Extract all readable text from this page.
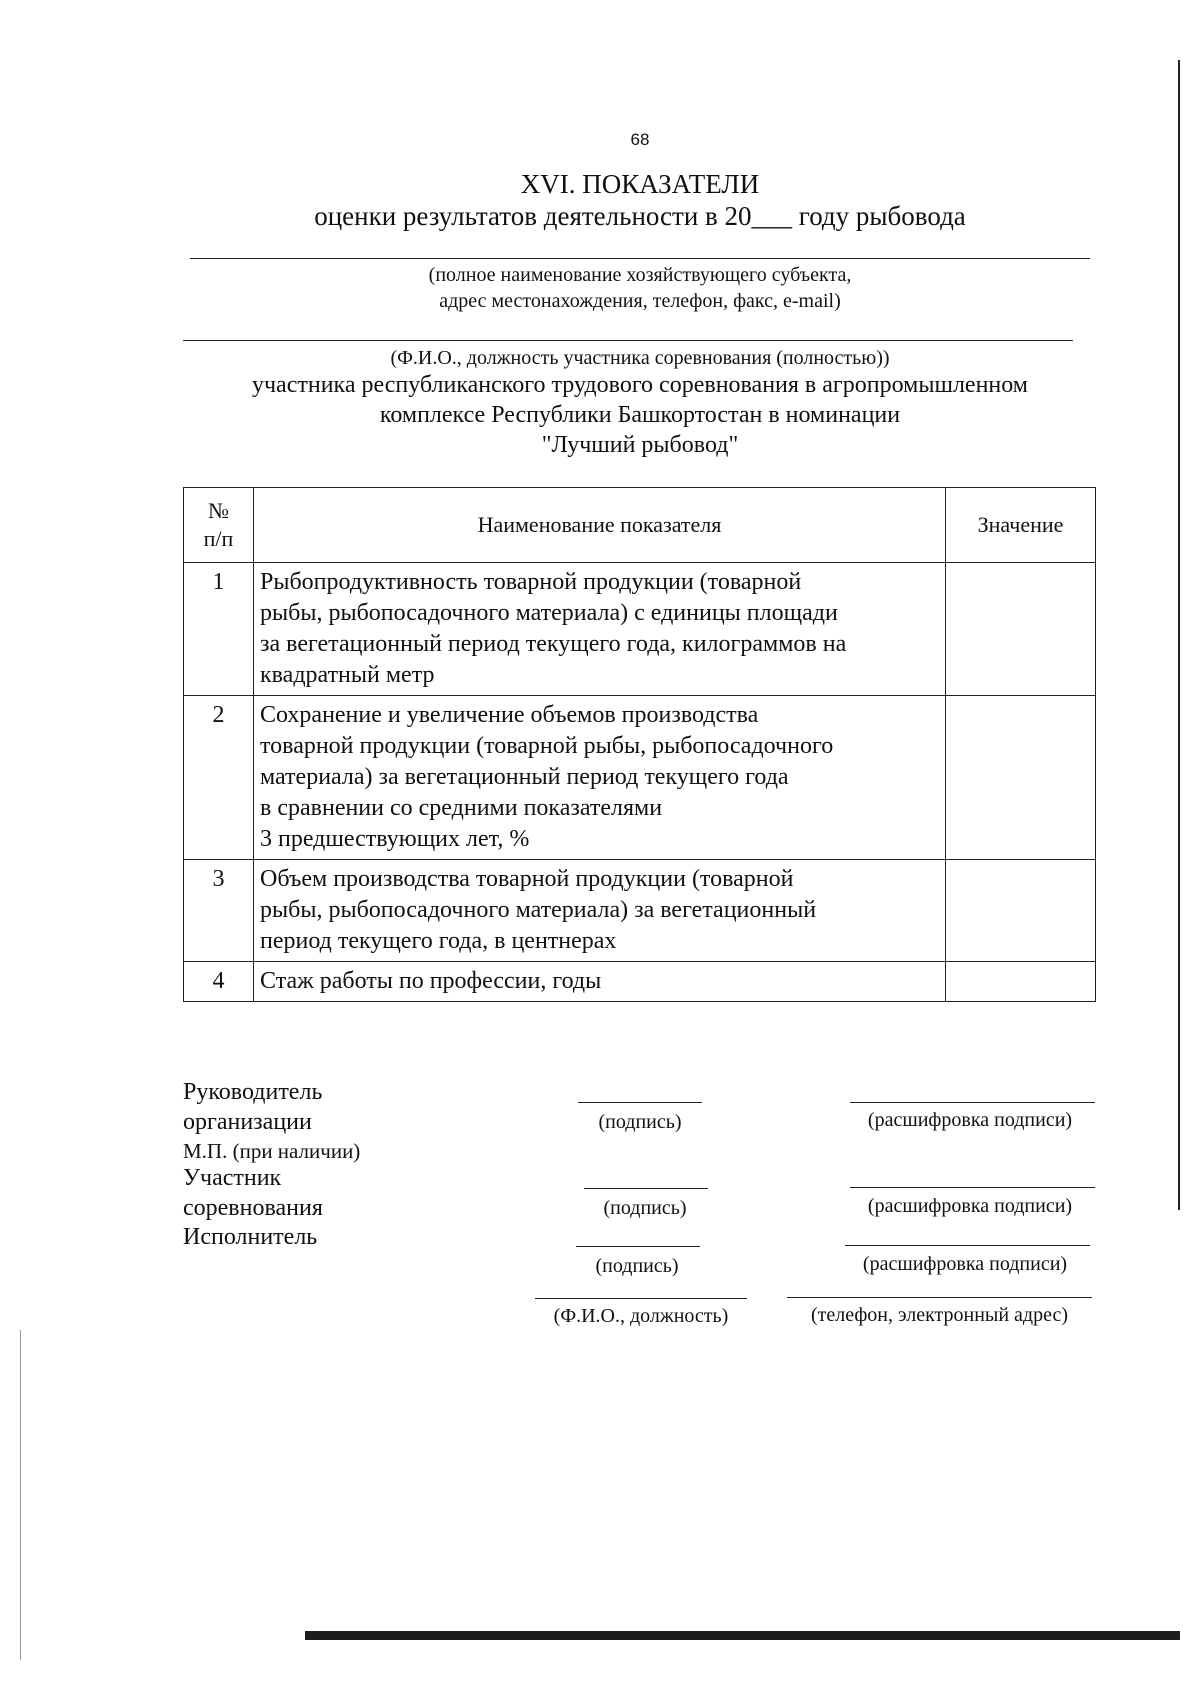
68
XVI. ПОКАЗАТЕЛИ
оценки результатов деятельности в 20___ году рыбовода
(полное наименование хозяйствующего субъекта,
адрес местонахождения, телефон, факс, e-mail)
(Ф.И.О., должность участника соревнования (полностью))
участника республиканского трудового соревнования в агропромышленном
комплексе Республики Башкортостан в номинации
"Лучший рыбовод"
№
п/п	Наименование показателя	Значение
1	Рыбопродуктивность товарной продукции (товарной
рыбы, рыбопосадочного материала) с единицы площади
за вегетационный период текущего года, килограммов на
квадратный метр	

2	Сохранение и увеличение объемов производства
товарной продукции (товарной рыбы, рыбопосадочного
материала) за вегетационный период текущего года
в сравнении со средними показателями
3 предшествующих лет, %	

3	Объем производства товарной продукции (товарной
рыбы, рыбопосадочного материала) за вегетационный
период текущего года, в центнерах	

4	Стаж работы по профессии, годы	

Руководитель
организации
М.П. (при наличии)
Участник
соревнования
Исполнитель
(подпись)	(расшифровка подписи)
(подпись)	(расшифровка подписи)
(подпись)	(расшифровка подписи)
(Ф.И.О., должность)	(телефон, электронный адрес)
